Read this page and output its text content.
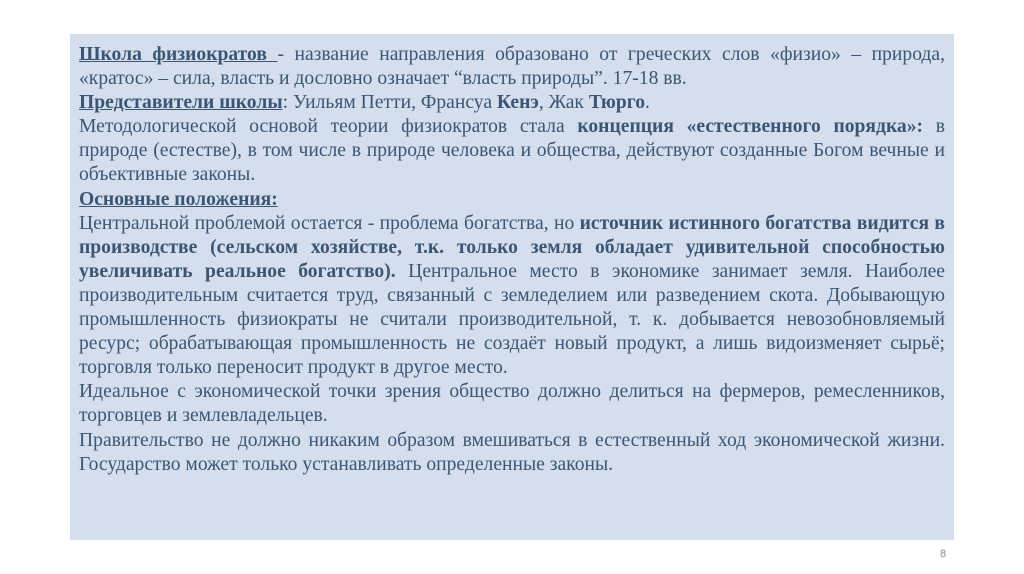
Школа физиократов - название направления образовано от греческих слов «физио» – природа, «кратос» – сила, власть и дословно означает “власть природы”. 17-18 вв.

Представители школы: Уильям Петти, Франсуа Кенэ, Жак Тюрго.

Методологической основой теории физиократов стала концепция «естественного порядка»: в природе (естестве), в том числе в природе человека и общества, действуют созданные Богом вечные и объективные законы.

Основные положения:

Центральной проблемой остается - проблема богатства, но источник истинного богатства видится в производстве (сельском хозяйстве, т.к. только земля обладает удивительной способностью увеличивать реальное богатство). Центральное место в экономике занимает земля. Наиболее производительным считается труд, связанный с земледелием или разведением скота. Добывающую промышленность физиократы не считали производительной, т. к. добывается невозобновляемый ресурс; обрабатывающая промышленность не создаёт новый продукт, а лишь видоизменяет сырьё; торговля только переносит продукт в другое место.

Идеальное с экономической точки зрения общество должно делиться на фермеров, ремесленников, торговцев и землевладельцев.

Правительство не должно никаким образом вмешиваться в естественный ход экономической жизни. Государство может только устанавливать определенные законы.

8
